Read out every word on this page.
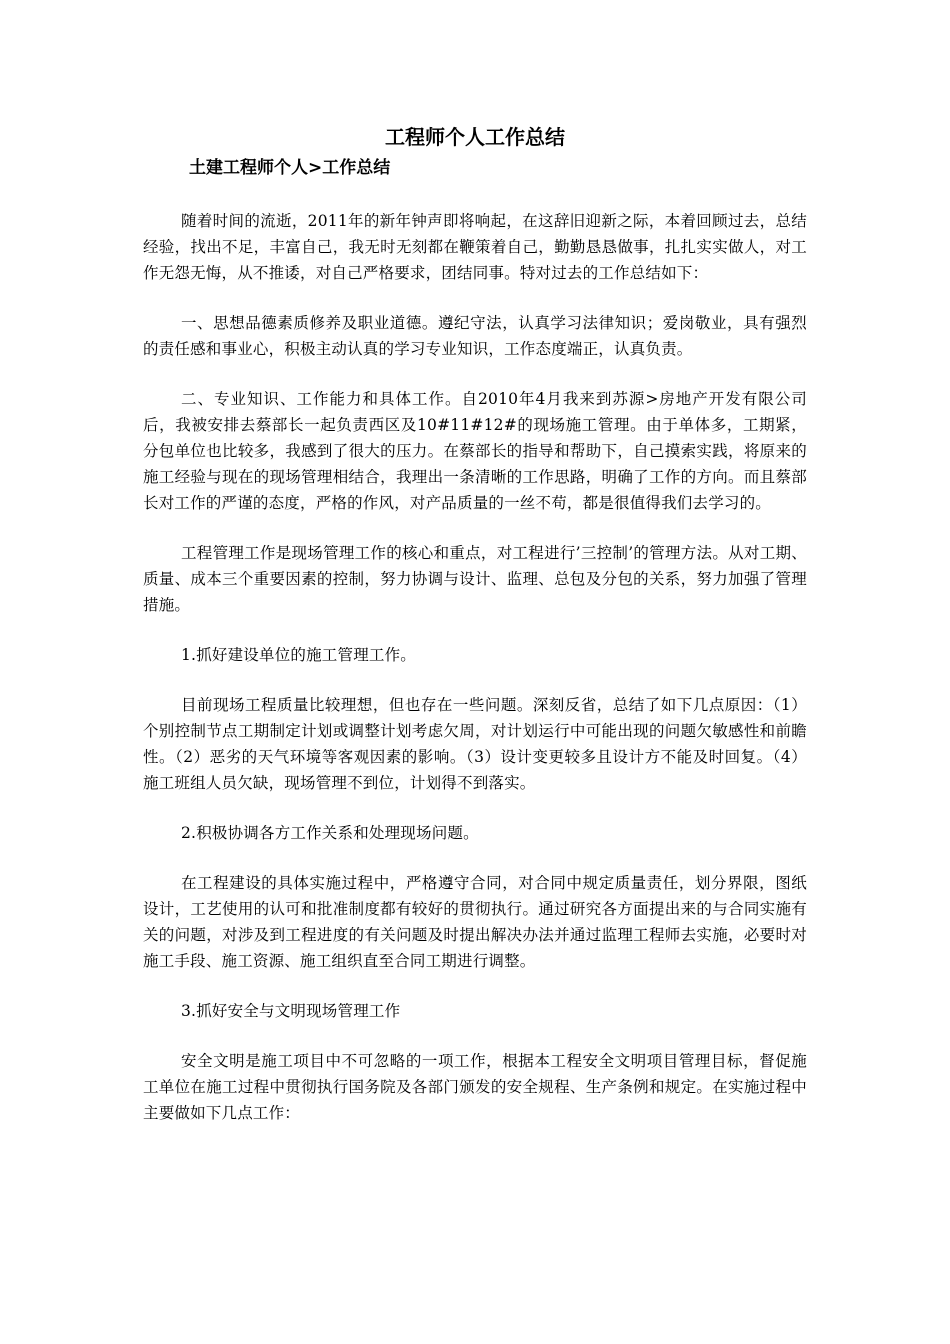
工程师个人工作总结
土建工程师个人>工作总结

随着时间的流逝，2011年的新年钟声即将响起，在这辞旧迎新之际，本着回顾过去，总结经验，找出不足，丰富自己，我无时无刻都在鞭策着自己，勤勤恳恳做事，扎扎实实做人，对工作无怨无悔，从不推诿，对自己严格要求，团结同事。特对过去的工作总结如下：

一、思想品德素质修养及职业道德。遵纪守法，认真学习法律知识；爱岗敬业，具有强烈的责任感和事业心，积极主动认真的学习专业知识，工作态度端正，认真负责。

二、专业知识、工作能力和具体工作。自2010年4月我来到苏源>房地产开发有限公司后，我被安排去蔡部长一起负责西区及10#11#12#的现场施工管理。由于单体多，工期紧，分包单位也比较多，我感到了很大的压力。在蔡部长的指导和帮助下，自己摸索实践，将原来的施工经验与现在的现场管理相结合，我理出一条清晰的工作思路，明确了工作的方向。而且蔡部长对工作的严谨的态度，严格的作风，对产品质量的一丝不苟，都是很值得我们去学习的。

工程管理工作是现场管理工作的核心和重点，对工程进行’三控制’的管理方法。从对工期、质量、成本三个重要因素的控制，努力协调与设计、监理、总包及分包的关系，努力加强了管理措施。

1.抓好建设单位的施工管理工作。

目前现场工程质量比较理想，但也存在一些问题。深刻反省，总结了如下几点原因：（1）个别控制节点工期制定计划或调整计划考虑欠周，对计划运行中可能出现的问题欠敏感性和前瞻性。（2）恶劣的天气环境等客观因素的影响。（3）设计变更较多且设计方不能及时回复。（4）施工班组人员欠缺，现场管理不到位，计划得不到落实。

2.积极协调各方工作关系和处理现场问题。

在工程建设的具体实施过程中，严格遵守合同，对合同中规定质量责任，划分界限，图纸设计，工艺使用的认可和批准制度都有较好的贯彻执行。通过研究各方面提出来的与合同实施有关的问题，对涉及到工程进度的有关问题及时提出解决办法并通过监理工程师去实施，必要时对施工手段、施工资源、施工组织直至合同工期进行调整。

3.抓好安全与文明现场管理工作

安全文明是施工项目中不可忽略的一项工作，根据本工程安全文明项目管理目标，督促施工单位在施工过程中贯彻执行国务院及各部门颁发的安全规程、生产条例和规定。在实施过程中主要做如下几点工作：
